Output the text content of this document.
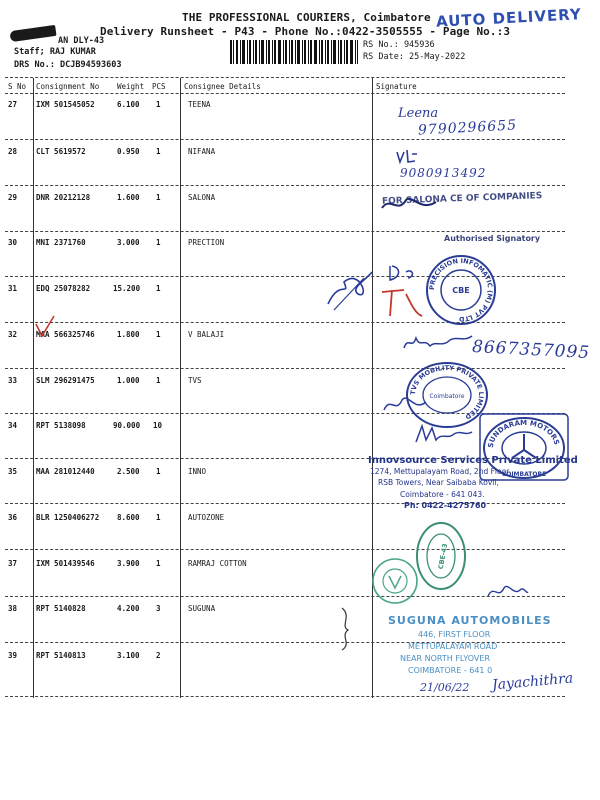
THE PROFESSIONAL COURIERS, Coimbatore
Delivery Runsheet - P43 - Phone No.:0422-3505555 - Page No.:3
AUTO DELIVERY
AN DLY-43
Staff; RAJ KUMAR
DRS No.: DCJB94593603
RS No.: 945936
RS Date: 25-May-2022
S No Consignment No Weight PCS Consignee Details	Signature
27	IXM 501545052	6.100 1	TEENA
28	CLT 5619572	0.950 1	NIFANA
29	DNR 20212128	1.600 1	SALONA
30	MNI 2371760	3.000 1	PRECTION
31	EDQ 25078282	15.200 1
32	MAA 566325746	1.800 1	V BALAJI
33	SLM 296291475	1.000 1	TVS
34	RPT 5138098	90.000 10
35	MAA 281012440	2.500 1	INNO
36	BLR 1250406272 8.600 1	AUTOZONE
37	IXM 501439546	3.900 1	RAMRAJ COTTON
38	RPT 5140828	4.200 3	SUGUNA
39	RPT 5140813	3.100 2
Leena
9790296655
9080913492
FOR SALONA CE OF COMPANIES
Authorised Signatory
PRECISION INFOMATIC (M) PVT LTD
CBE
8667357095
TVS MOBILITY PRIVATE LIMITED
Coimbatore
SUNDARAM MOTORS
COIMBATORE
Innovsource Services Private Limited
1274, Mettupalayam Road, 2nd Floor,
RSB Towers, Near Saibaba Kovil,
Coimbatore - 641 043.
Ph: 0422-4275760
CBE-43
SUGUNA AUTOMOBILES
446, FIRST FLOOR
METTUPALAYAM ROAD
NEAR NORTH FLYOVER
COIMBATORE - 641 0
21/06/22 Jayachithra
